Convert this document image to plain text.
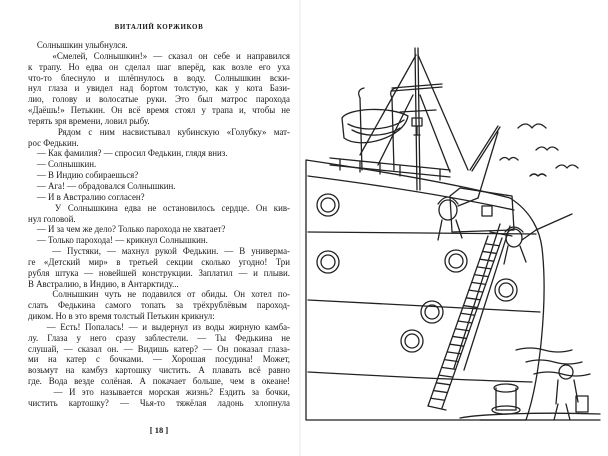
ВИТАЛИЙ КОРЖИКОВ
Солнышкин улыбнулся.
«Смелей, Солнышкин!» — сказал он себе и направился
к трапу. Но едва он сделал шаг вперёд, как возле его уха
что-то блеснуло и шлёпнулось в воду. Солнышкин вски-
нул глаза и увидел над бортом толстую, как у кота Бази-
лио, голову и волосатые руки. Это был матрос парохода
«Даёшь!» Петькин. Он всё время стоял у трапа и, чтобы не
терять зря времени, ловил рыбу.
Рядом с ним насвистывал кубинскую «Голубку» мат-
рос Федькин.
— Как фамилия? — спросил Федькин, глядя вниз.
— Солнышкин.
— В Индию собираешься?
— Ага! — обрадовался Солнышкин.
— И в Австралию согласен?
У Солнышкина едва не остановилось сердце. Он кив-
нул головой.
— И за чем же дело? Только парохода не хватает?
— Только парохода! — крикнул Солнышкин.
— Пустяки, — махнул рукой Федькин. — В универма-
ге «Детский мир» в третьей секции сколько угодно! Три
рубля штука — новейшей конструкции. Заплатил — и плыви.
В Австралию, в Индию, в Антарктиду...
Солнышкин чуть не подавился от обиды. Он хотел по-
слать Федькина самого топать за трёхрублёвым пароход-
диком. Но в это время толстый Петькин крикнул:
— Есть! Попалась! — и выдернул из воды жирную камба-
лу. Глаза у него сразу заблестели. — Ты Федькина не
слушай, — сказал он. — Видишь катер? — Он показал глаза-
ми на катер с бочками. — Хорошая посудина! Может,
возьмут на камбуз картошку чистить. А плавать всё равно
где. Вода везде солёная. А покачает больше, чем в океане!
— И это называется морская жизнь? Ездить за бочки,
чистить картошку? — Чья-то тяжёлая ладонь хлопнула
[ 18 ]
